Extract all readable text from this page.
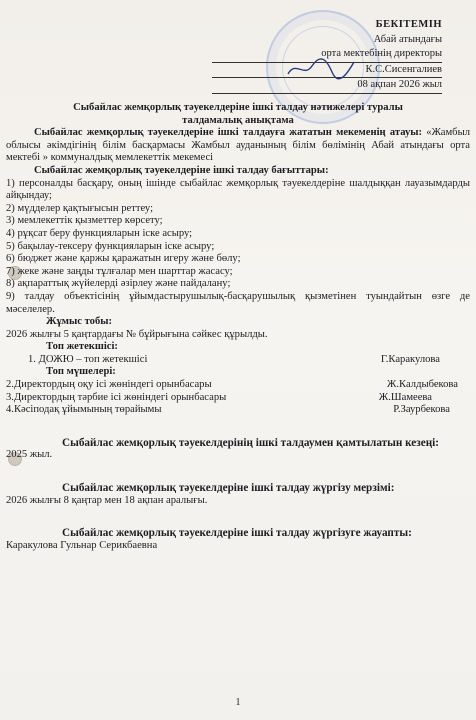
БЕКІТЕМІН
Абай атындағы
орта мектебінің директоры
К.С.Сисенгалиев
08 ақпан 2026 жыл

Сыбайлас жемқорлық тәуекелдеріне ішкі талдау нәтижелері туралы

талдамалық анықтама

Сыбайлас жемқорлық тәуекелдеріне ішкі талдауға жататын мекеменің атауы: «Жамбыл облысы әкімдігінің білім басқармасы Жамбыл ауданының білім бөлімінің Абай атындағы орта мектебі » коммуналдық мемлекеттік мекемесі

Сыбайлас жемқорлық тәуекелдеріне ішкі талдау бағыттары:

1) персоналды басқару, оның ішінде сыбайлас жемқорлық тәуекелдеріне шалдыққан лауазымдарды айқындау;
2) мүдделер қақтығысын реттеу;
3) мемлекеттік қызметтер көрсету;
4) рұқсат беру функцияларын іске асыру;
5) бақылау-тексеру функцияларын іске асыру;
6) бюджет және қаржы қаражатын игеру және бөлу;
7) жеке және заңды тұлғалар мен шарттар жасасу;
8) ақпараттық жүйелерді әзірлеу және пайдалану;
9) талдау объектісінің ұйымдастырушылық-басқарушылық қызметінен туындайтын өзге де мәселелер.

Жұмыс тобы:

2026 жылғы 5 қаңтардағы № бұйрығына сәйкес құрылды.

Топ жетекшісі:

1. ДОЖЮ – топ жетекшісі	Г.Каракулова

Топ мүшелері:

2.Директордың оқу ісі жөніндегі орынбасары	Ж.Калдыбекова
3.Директордың тәрбие ісі жөніндегі орынбасары	Ж.Шамеева
4.Кәсіподақ ұйымының төрайымы	Р.Заурбекова

Сыбайлас жемқорлық тәуекелдерінің ішкі талдаумен қамтылатын кезеңі:

2025 жыл.

Сыбайлас жемқорлық тәуекелдеріне ішкі талдау жүргізу мерзімі:

2026 жылғы 8 қаңтар мен 18 ақпан аралығы.

Сыбайлас жемқорлық тәуекелдеріне ішкі талдау жүргізуге жауапты:

Каракулова Гульнар Серикбаевна

1
